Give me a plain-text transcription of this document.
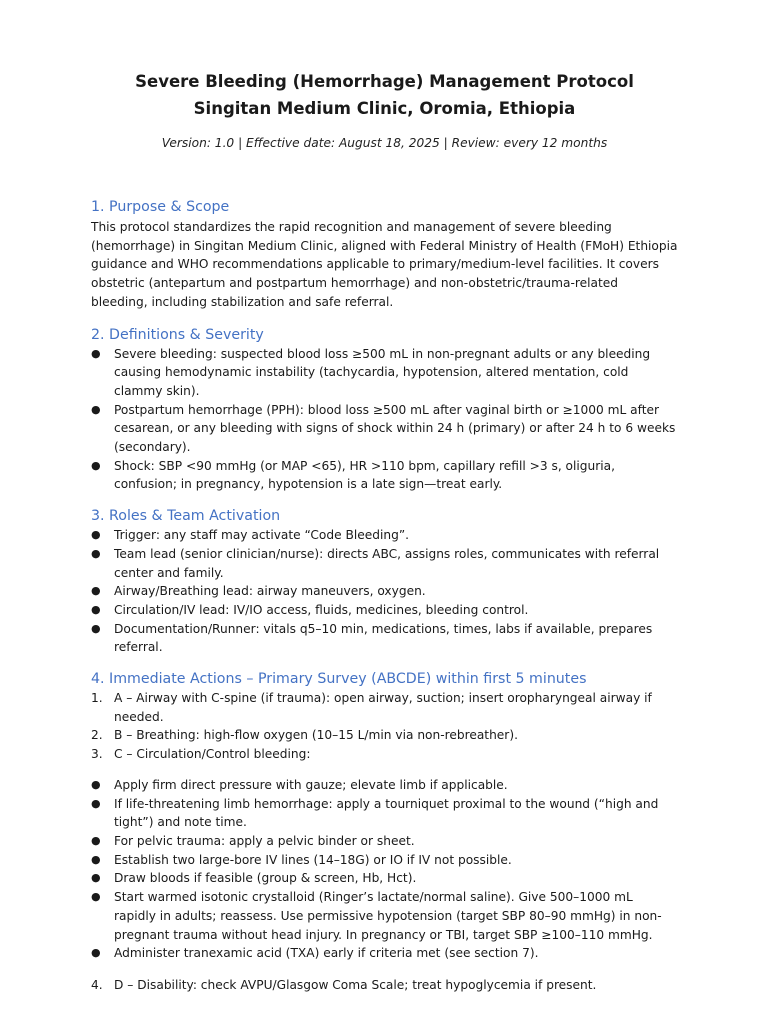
Severe Bleeding (Hemorrhage) Management Protocol

Singitan Medium Clinic, Oromia, Ethiopia

Version: 1.0 | Effective date: August 18, 2025 | Review: every 12 months
1. Purpose & Scope

This protocol standardizes the rapid recognition and management of severe bleeding (hemorrhage) in Singitan Medium Clinic, aligned with Federal Ministry of Health (FMoH) Ethiopia guidance and WHO recommendations applicable to primary/medium-level facilities. It covers obstetric (antepartum and postpartum hemorrhage) and non-obstetric/trauma-related bleeding, including stabilization and safe referral.

2. Definitions & Severity
● Severe bleeding: suspected blood loss ≥500 mL in non-pregnant adults or any bleeding causing hemodynamic instability (tachycardia, hypotension, altered mentation, cold clammy skin).
● Postpartum hemorrhage (PPH): blood loss ≥500 mL after vaginal birth or ≥1000 mL after cesarean, or any bleeding with signs of shock within 24 h (primary) or after 24 h to 6 weeks (secondary).
● Shock: SBP <90 mmHg (or MAP <65), HR >110 bpm, capillary refill >3 s, oliguria, confusion; in pregnancy, hypotension is a late sign—treat early.
3. Roles & Team Activation
● Trigger: any staff may activate “Code Bleeding”.
● Team lead (senior clinician/nurse): directs ABC, assigns roles, communicates with referral center and family.
● Airway/Breathing lead: airway maneuvers, oxygen.
● Circulation/IV lead: IV/IO access, fluids, medicines, bleeding control.
● Documentation/Runner: vitals q5–10 min, medications, times, labs if available, prepares referral.
4. Immediate Actions – Primary Survey (ABCDE) within first 5 minutes
1. A – Airway with C-spine (if trauma): open airway, suction; insert oropharyngeal airway if needed.
2. B – Breathing: high-flow oxygen (10–15 L/min via non-rebreather).
3. C – Circulation/Control bleeding:
● Apply firm direct pressure with gauze; elevate limb if applicable.
● If life-threatening limb hemorrhage: apply a tourniquet proximal to the wound (“high and tight”) and note time.
● For pelvic trauma: apply a pelvic binder or sheet.
● Establish two large-bore IV lines (14–18G) or IO if IV not possible.
● Draw bloods if feasible (group & screen, Hb, Hct).
● Start warmed isotonic crystalloid (Ringer’s lactate/normal saline). Give 500–1000 mL rapidly in adults; reassess. Use permissive hypotension (target SBP 80–90 mmHg) in non-pregnant trauma without head injury. In pregnancy or TBI, target SBP ≥100–110 mmHg.
● Administer tranexamic acid (TXA) early if criteria met (see section 7).
4. D – Disability: check AVPU/Glasgow Coma Scale; treat hypoglycemia if present.
